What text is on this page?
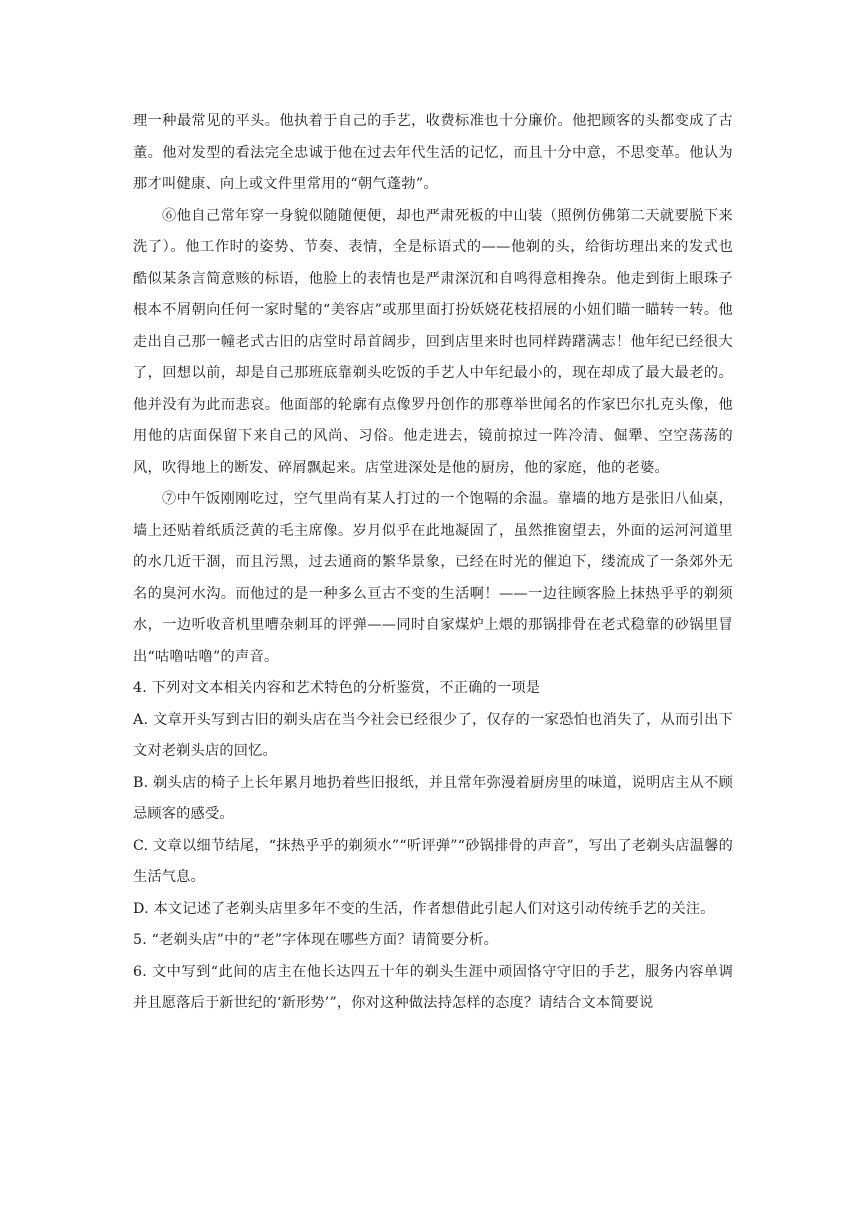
理一种最常见的平头。他执着于自己的手艺，收费标准也十分廉价。他把顾客的头都变成了古董。他对发型的看法完全忠诚于他在过去年代生活的记忆，而且十分中意，不思变革。他认为那才叫健康、向上或文件里常用的“朝气蓬勃”。

⑥他自己常年穿一身貌似随随便便，却也严肃死板的中山装（照例仿佛第二天就要脱下来洗了）。他工作时的姿势、节奏、表情，全是标语式的——他剃的头，给街坊理出来的发式也酷似某条言简意赅的标语，他脸上的表情也是严肃深沉和自鸣得意相搀杂。他走到街上眼珠子根本不屑朝向任何一家时髦的“美容店”或那里面打扮妖娆花枝招展的小妞们瞄一瞄转一转。他走出自己那一幢老式古旧的店堂时昂首阔步，回到店里来时也同样踌躇满志！他年纪已经很大了，回想以前，却是自己那班底靠剃头吃饭的手艺人中年纪最小的，现在却成了最大最老的。他并没有为此而悲哀。他面部的轮廓有点像罗丹创作的那尊举世闻名的作家巴尔扎克头像，他用他的店面保留下来自己的风尚、习俗。他走进去，镜前掠过一阵冷清、倔犟、空空荡荡的风，吹得地上的断发、碎屑飘起来。店堂进深处是他的厨房，他的家庭，他的老婆。

⑦中午饭刚刚吃过，空气里尚有某人打过的一个饱嗝的余温。靠墙的地方是张旧八仙桌，墙上还贴着纸质泛黄的毛主席像。岁月似乎在此地凝固了，虽然推窗望去，外面的运河河道里的水几近干涸，而且污黑，过去通商的繁华景象，已经在时光的催迫下，缕流成了一条郊外无名的臭河水沟。而他过的是一种多么亘古不变的生活啊！——一边往顾客脸上抹热乎乎的剃须水，一边听收音机里嘈杂刺耳的评弹——同时自家煤炉上煨的那锅排骨在老式稳靠的砂锅里冒出“咕噜咕噜”的声音。

4. 下列对文本相关内容和艺术特色的分析鉴赏，不正确的一项是

A. 文章开头写到古旧的剃头店在当今社会已经很少了，仅存的一家恐怕也消失了，从而引出下文对老剃头店的回忆。

B. 剃头店的椅子上长年累月地扔着些旧报纸，并且常年弥漫着厨房里的味道，说明店主从不顾忌顾客的感受。

C. 文章以细节结尾，“抹热乎乎的剃须水”“听评弹”“砂锅排骨的声音”，写出了老剃头店温馨的生活气息。

D. 本文记述了老剃头店里多年不变的生活，作者想借此引起人们对这引动传统手艺的关注。

5. “老剃头店”中的“老”字体现在哪些方面？请简要分析。

6. 文中写到“此间的店主在他长达四五十年的剃头生涯中顽固恪守守旧的手艺，服务内容单调并且愿落后于新世纪的‘新形势’”，你对这种做法持怎样的态度？请结合文本简要说
